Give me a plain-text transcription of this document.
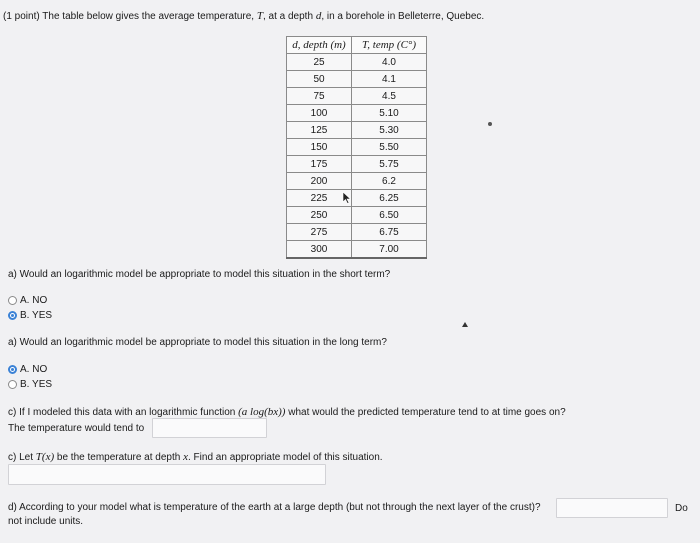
(1 point) The table below gives the average temperature, T, at a depth d, in a borehole in Belleterre, Quebec.
d, depth (m)	T, temp (C°)
25	4.0
50	4.1
75	4.5
100	5.10
125	5.30
150	5.50
175	5.75
200	6.2
225	6.25
250	6.50
275	6.75
300	7.00
a) Would an logarithmic model be appropriate to model this situation in the short term?
A. NO
B. YES
a) Would an logarithmic model be appropriate to model this situation in the long term?
A. NO
B. YES
c) If I modeled this data with an logarithmic function (a log(bx)) what would the predicted temperature tend to at time goes on?
The temperature would tend to
c) Let T(x) be the temperature at depth x. Find an appropriate model of this situation.
d) According to your model what is temperature of the earth at a large depth (but not through the next layer of the crust)?
not include units.
Do
